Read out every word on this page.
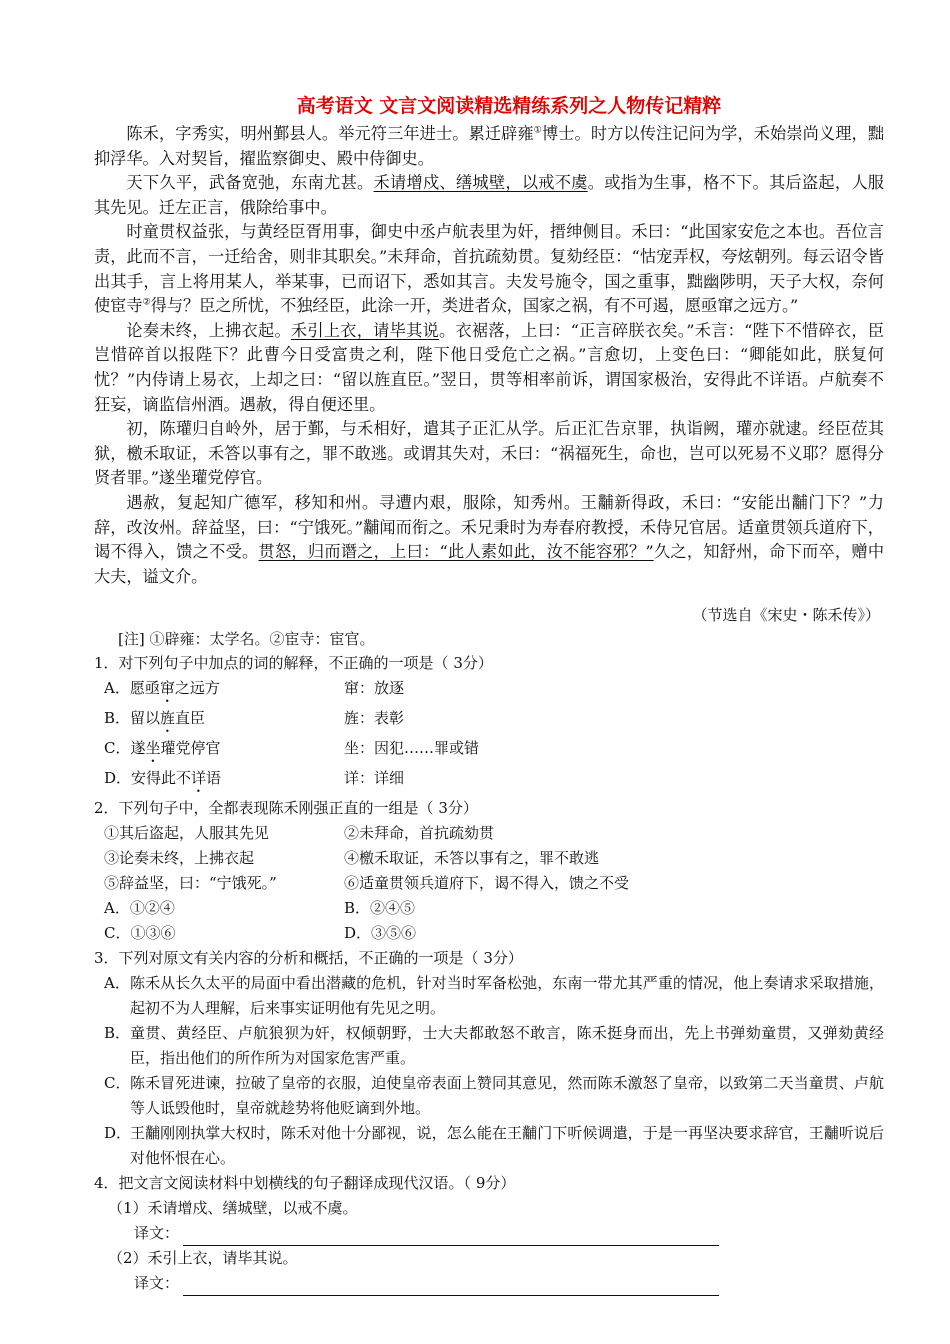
高考语文 文言文阅读精选精练系列之人物传记精粹

陈禾，字秀实，明州鄞县人。举元符三年进士。累迁辟雍①博士。时方以传注记问为学，禾始崇尚义理，黜抑浮华。入对契旨，擢监察御史、殿中侍御史。

天下久平，武备宽弛，东南尤甚。禾请增戍、缮城壁，以戒不虞。或指为生事，格不下。其后盗起，人服其先见。迁左正言，俄除给事中。

时童贯权益张，与黄经臣胥用事，御史中丞卢航表里为奸，搢绅侧目。禾曰：“此国家安危之本也。吾位言责，此而不言，一迁给舍，则非其职矣。”未拜命，首抗疏劾贯。复劾经臣：“怙宠弄权，夸炫朝列。每云诏令皆出其手，言上将用某人，举某事，已而诏下，悉如其言。夫发号施令，国之重事，黜幽陟明，天子大权，奈何使宦寺②得与？臣之所忧，不独经臣，此涂一开，类进者众，国家之祸，有不可遏，愿亟窜之远方。”

论奏未终，上拂衣起。禾引上衣，请毕其说。衣裾落，上曰：“正言碎朕衣矣。”禾言：“陛下不惜碎衣，臣岂惜碎首以报陛下？此曹今日受富贵之利，陛下他日受危亡之祸。”言愈切，上变色曰：“卿能如此，朕复何忧？”内侍请上易衣，上却之曰：“留以旌直臣。”翌日，贯等相率前诉，谓国家极治，安得此不详语。卢航奏不狂妄，谪监信州酒。遇赦，得自便还里。

初，陈瓘归自岭外，居于鄞，与禾相好，遣其子正汇从学。后正汇告京罪，执诣阙，瓘亦就逮。经臣莅其狱，檄禾取证，禾答以事有之，罪不敢逃。或谓其失对，禾曰：“祸福死生，命也，岂可以死易不义耶？愿得分贤者罪。”遂坐瓘党停官。

遇赦，复起知广德军，移知和州。寻遭内艰，服除，知秀州。王黼新得政，禾曰：“安能出黼门下？”力辞，改汝州。辞益坚，曰：“宁饿死。”黼闻而衔之。禾兄秉时为寿春府教授，禾侍兄官居。适童贯领兵道府下，谒不得入，馈之不受。贯怒，归而谮之，上曰：“此人素如此，汝不能容邪？”久之，知舒州，命下而卒，赠中大夫，谥文介。

（节选自《宋史・陈禾传》）
[注] ①辟雍：太学名。②宦寺：宦官。
1．对下列句子中加点的词的解释，不正确的一项是（ 3分）
A．愿亟窜之远方	窜：放逐
B．留以旌直臣	旌：表彰
C．遂坐瓘党停官	坐：因犯……罪或错
D．安得此不详语	详：详细
2．下列句子中，全都表现陈禾刚强正直的一组是（ 3分）
①其后盗起，人服其先见	②未拜命，首抗疏劾贯
③论奏未终，上拂衣起	④檄禾取证，禾答以事有之，罪不敢逃
⑤辞益坚，曰：“宁饿死。”	⑥适童贯领兵道府下，谒不得入，馈之不受
A．①②④	B．②④⑤
C．①③⑥	D．③⑤⑥
3．下列对原文有关内容的分析和概括，不正确的一项是（ 3分）
A． 陈禾从长久太平的局面中看出潜藏的危机，针对当时军备松弛，东南一带尤其严重的情况，他上奏请求采取措施，起初不为人理解，后来事实证明他有先见之明。
B． 童贯、黄经臣、卢航狼狈为奸，权倾朝野，士大夫都敢怒不敢言，陈禾挺身而出，先上书弹劾童贯，又弹劾黄经臣，指出他们的所作所为对国家危害严重。
C． 陈禾冒死进谏，拉破了皇帝的衣服，迫使皇帝表面上赞同其意见，然而陈禾激怒了皇帝，以致第二天当童贯、卢航等人诋毁他时，皇帝就趁势将他贬谪到外地。
D．
王黼刚刚执掌大权时，陈禾对他十分鄙视，说，怎么能在王黼门下听候调遣，于是一再坚决要求辞官，王黼听说后对他怀恨在心。
4．把文言文阅读材料中划横线的句子翻译成现代汉语。（ 9分）
（1）禾请增戍、缮城壁，以戒不虞。
译文：
（2）禾引上衣，请毕其说。
译文：
